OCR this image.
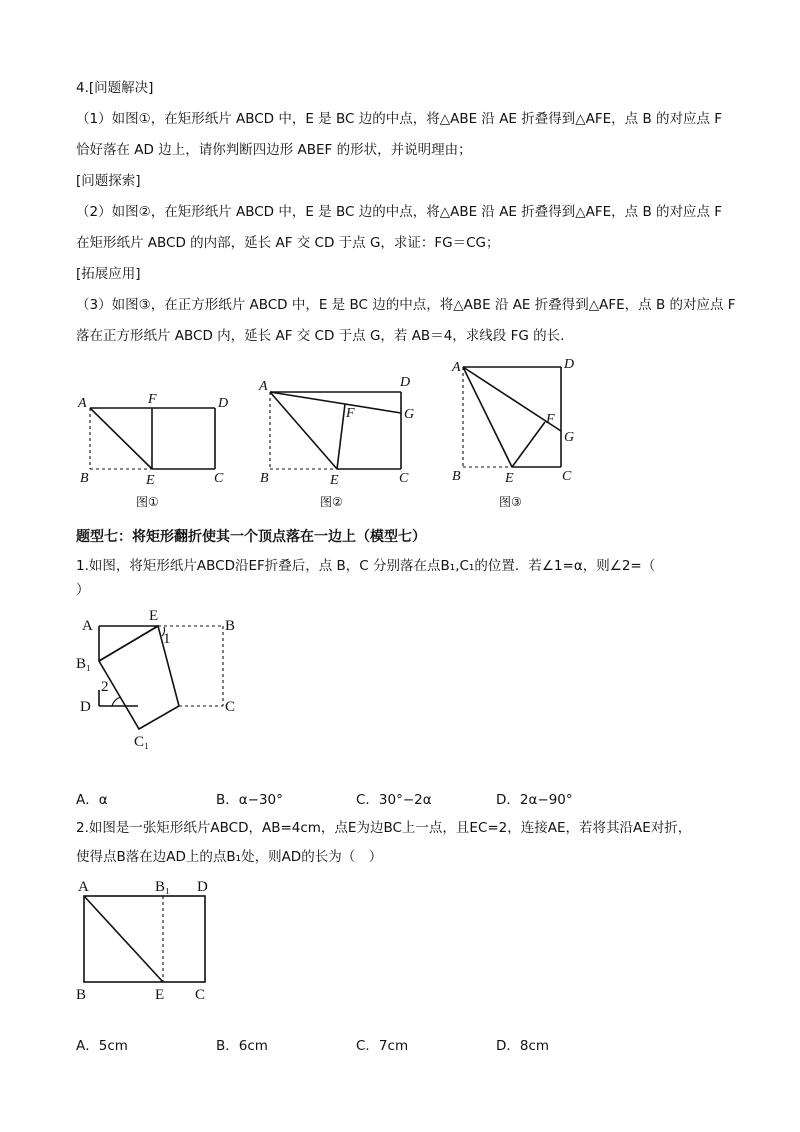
4.[问题解决]
（1）如图①，在矩形纸片 ABCD 中，E 是 BC 边的中点，将△ABE 沿 AE 折叠得到△AFE，点 B 的对应点 F
恰好落在 AD 边上，请你判断四边形 ABEF 的形状，并说明理由；
[问题探索]
（2）如图②，在矩形纸片 ABCD 中，E 是 BC 边的中点，将△ABE 沿 AE 折叠得到△AFE，点 B 的对应点 F
在矩形纸片 ABCD 的内部，延长 AF 交 CD 于点 G，求证：FG＝CG；
[拓展应用]
（3）如图③，在正方形纸片 ABCD 中，E 是 BC 边的中点，将△ABE 沿 AE 折叠得到△AFE，点 B 的对应点 F
落在正方形纸片 ABCD 内，延长 AF 交 CD 于点 G，若 AB＝4，求线段 FG 的长.
A	F	D
B	E	C
图①
A	D
F	G
B	E	C
图②
A	D
F
G
B	E	C
图③
题型七：将矩形翻折使其一个顶点落在一边上（模型七）
1.如图，将矩形纸片ABCD沿EF折叠后，点 B，C 分别落在点B₁,C₁的位置．若∠1=α，则∠2=（
）
A
E
B
1
B₁
2
D	C
C₁
A．α	B．α−30°	C．30°−2α	D．2α−90°
2.如图是一张矩形纸片ABCD，AB=4cm，点E为边BC上一点，且EC=2，连接AE，若将其沿AE对折，
使得点B落在边AD上的点B₁处，则AD的长为（　）
A	B₁ D
B	E C
A．5cm	B．6cm	C．7cm	D．8cm
